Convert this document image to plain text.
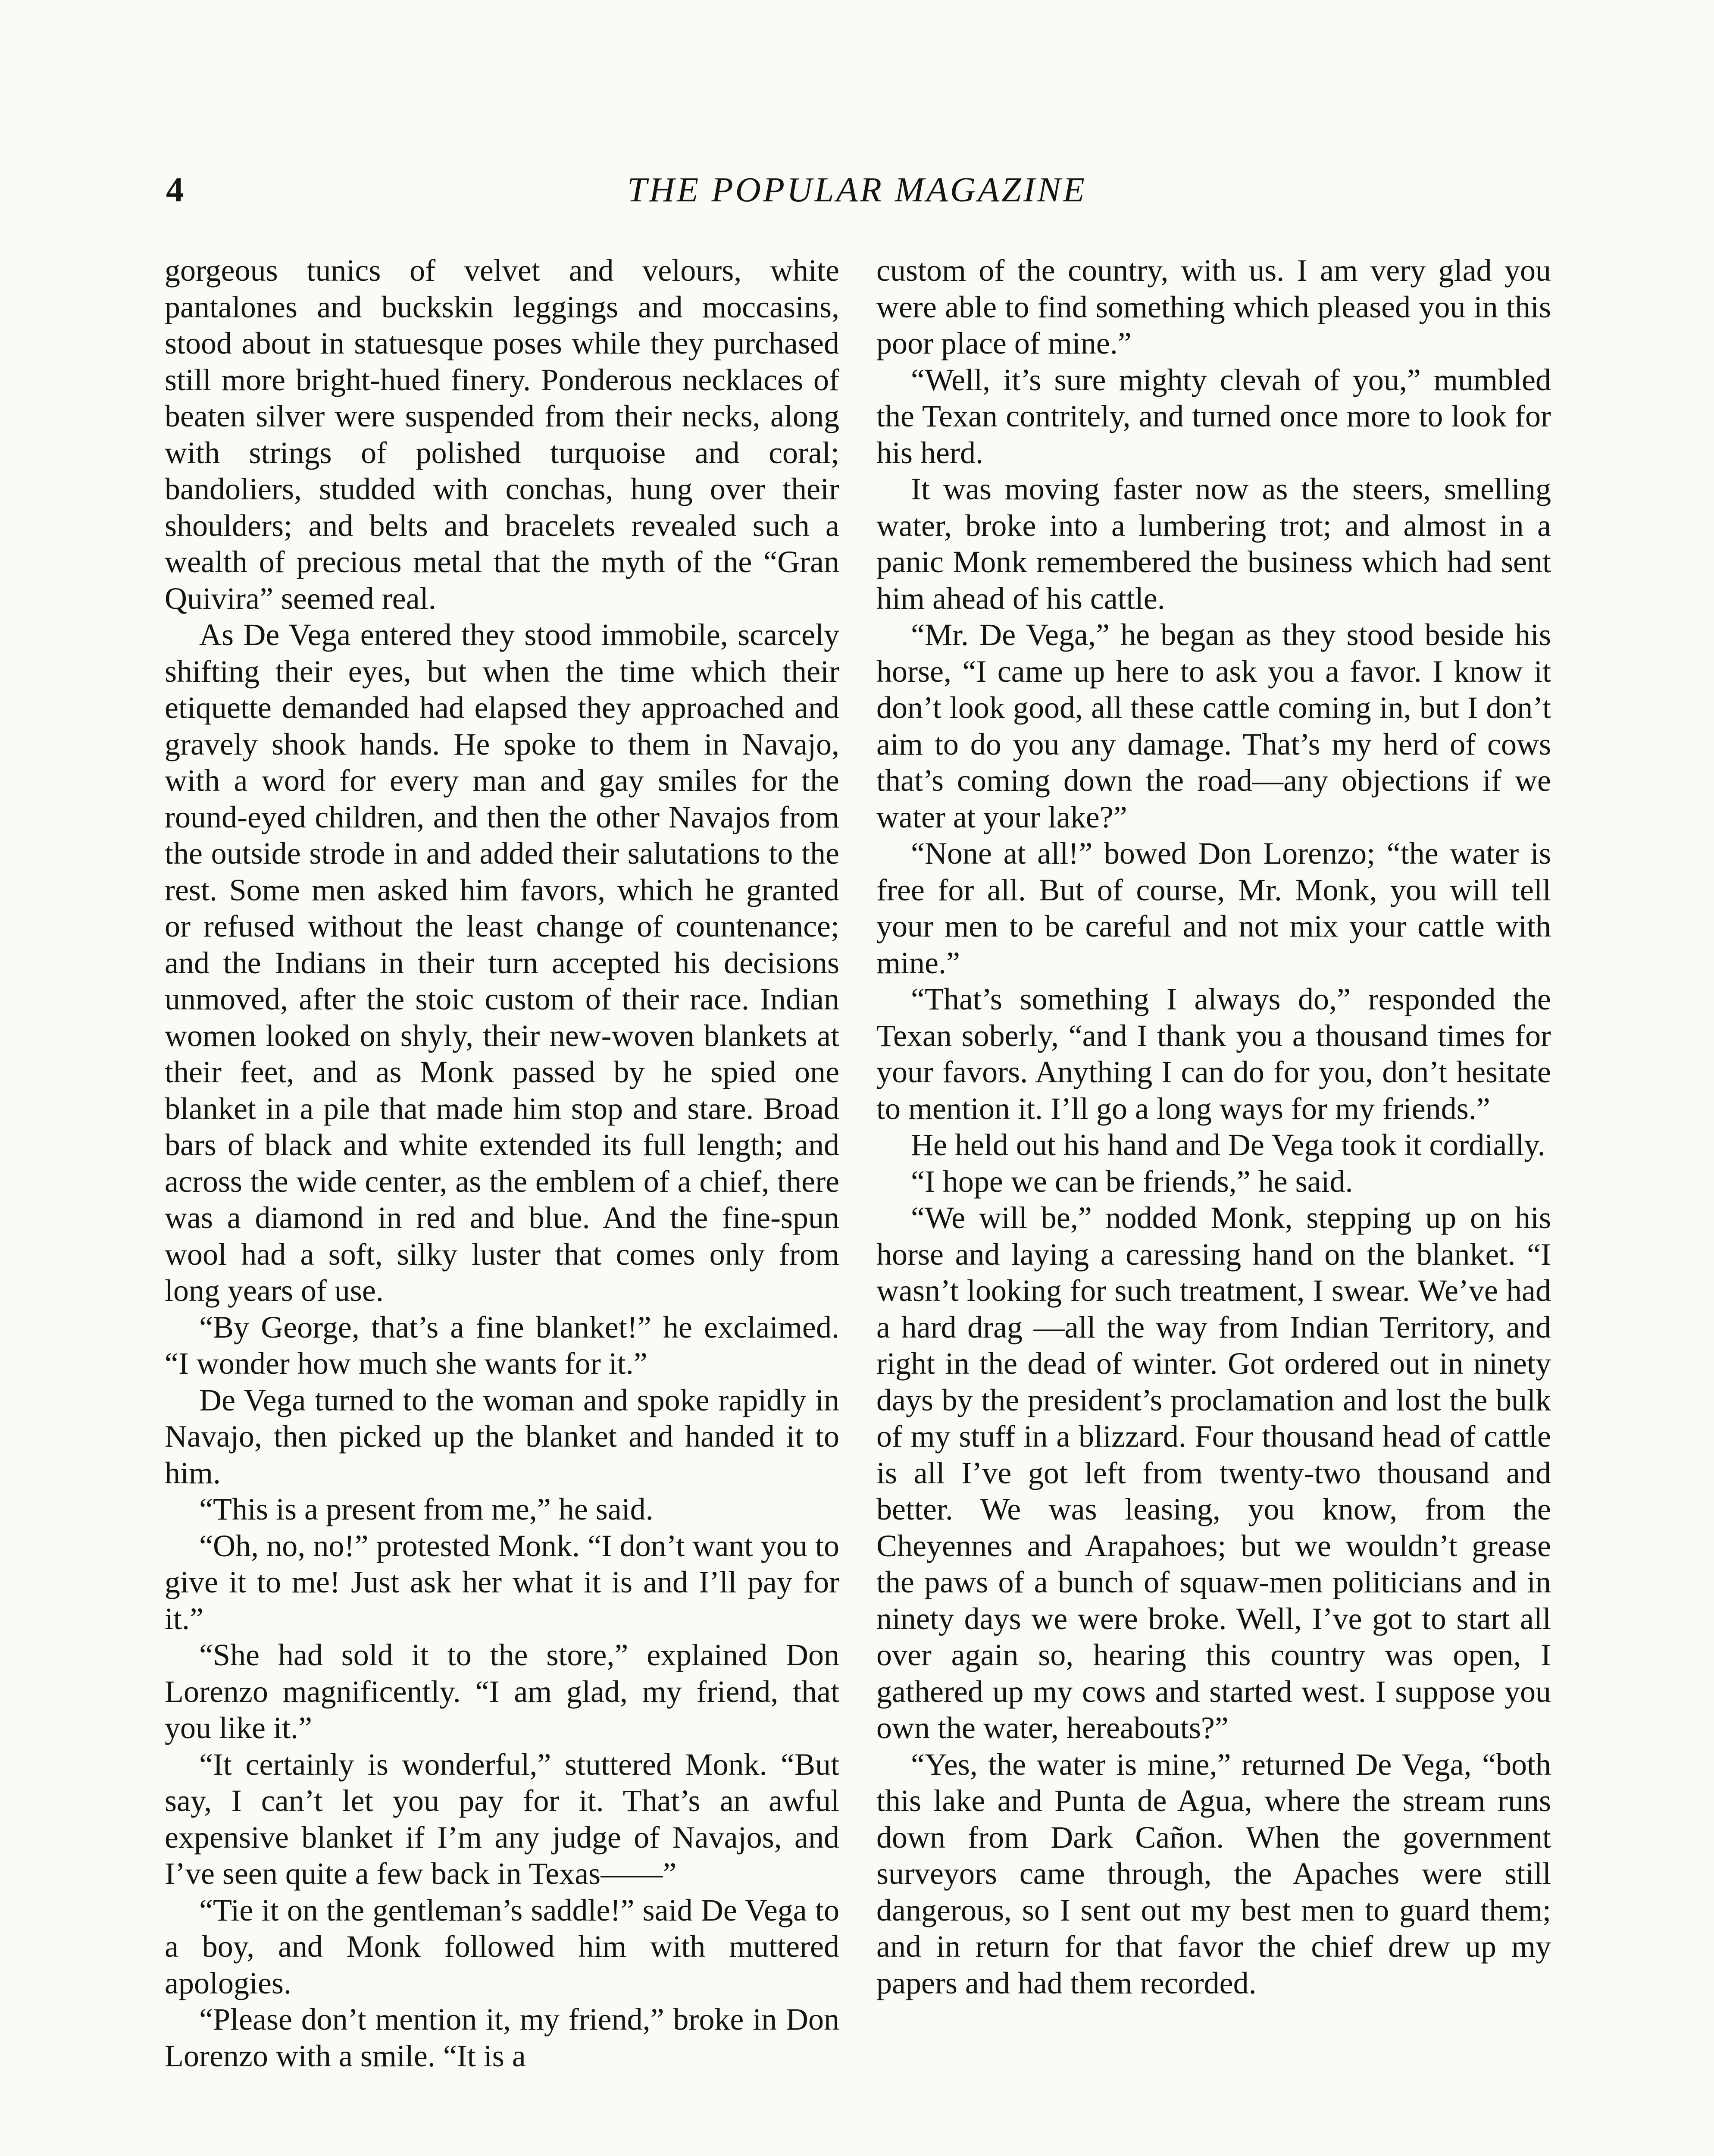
4	THE POPULAR MAGAZINE

gorgeous tunics of velvet and velours, white pantalones and buckskin leggings and moccasins, stood about in statuesque poses while they purchased still more bright-hued finery. Ponderous necklaces of beaten silver were suspended from their necks, along with strings of polished turquoise and coral; bandoliers, studded with conchas, hung over their shoulders; and belts and bracelets revealed such a wealth of precious metal that the myth of the “Gran Quivira” seemed real.

As De Vega entered they stood immobile, scarcely shifting their eyes, but when the time which their etiquette demanded had elapsed they approached and gravely shook hands. He spoke to them in Navajo, with a word for every man and gay smiles for the round-eyed children, and then the other Navajos from the outside strode in and added their salutations to the rest. Some men asked him favors, which he granted or refused without the least change of countenance; and the Indians in their turn accepted his decisions unmoved, after the stoic custom of their race. Indian women looked on shyly, their new-woven blankets at their feet, and as Monk passed by he spied one blanket in a pile that made him stop and stare. Broad bars of black and white extended its full length; and across the wide center, as the emblem of a chief, there was a diamond in red and blue. And the fine-spun wool had a soft, silky luster that comes only from long years of use.

“By George, that’s a fine blanket!” he exclaimed. “I wonder how much she wants for it.”

De Vega turned to the woman and spoke rapidly in Navajo, then picked up the blanket and handed it to him.

“This is a present from me,” he said.

“Oh, no, no!” protested Monk. “I don’t want you to give it to me! Just ask her what it is and I’ll pay for it.”

“She had sold it to the store,” explained Don Lorenzo magnificently. “I am glad, my friend, that you like it.”

“It certainly is wonderful,” stuttered Monk. “But say, I can’t let you pay for it. That’s an awful expensive blanket if I’m any judge of Navajos, and I’ve seen quite a few back in Texas——”

“Tie it on the gentleman’s saddle!” said De Vega to a boy, and Monk followed him with muttered apologies.

“Please don’t mention it, my friend,” broke in Don Lorenzo with a smile. “It is a

custom of the country, with us. I am very glad you were able to find something which pleased you in this poor place of mine.”

“Well, it’s sure mighty clevah of you,” mumbled the Texan contritely, and turned once more to look for his herd.

It was moving faster now as the steers, smelling water, broke into a lumbering trot; and almost in a panic Monk remembered the business which had sent him ahead of his cattle.

“Mr. De Vega,” he began as they stood beside his horse, “I came up here to ask you a favor. I know it don’t look good, all these cattle coming in, but I don’t aim to do you any damage. That’s my herd of cows that’s coming down the road—any objections if we water at your lake?”

“None at all!” bowed Don Lorenzo; “the water is free for all. But of course, Mr. Monk, you will tell your men to be careful and not mix your cattle with mine.”

“That’s something I always do,” responded the Texan soberly, “and I thank you a thousand times for your favors. Anything I can do for you, don’t hesitate to mention it. I’ll go a long ways for my friends.”

He held out his hand and De Vega took it cordially.

“I hope we can be friends,” he said.

“We will be,” nodded Monk, stepping up on his horse and laying a caressing hand on the blanket. “I wasn’t looking for such treatment, I swear. We’ve had a hard drag —all the way from Indian Territory, and right in the dead of winter. Got ordered out in ninety days by the president’s proclamation and lost the bulk of my stuff in a blizzard. Four thousand head of cattle is all I’ve got left from twenty-two thousand and better. We was leasing, you know, from the Cheyennes and Arapahoes; but we wouldn’t grease the paws of a bunch of squaw-men politicians and in ninety days we were broke. Well, I’ve got to start all over again so, hearing this country was open, I gathered up my cows and started west. I suppose you own the water, hereabouts?”

“Yes, the water is mine,” returned De Vega, “both this lake and Punta de Agua, where the stream runs down from Dark Cañon. When the government surveyors came through, the Apaches were still dangerous, so I sent out my best men to guard them; and in return for that favor the chief drew up my papers and had them recorded.
